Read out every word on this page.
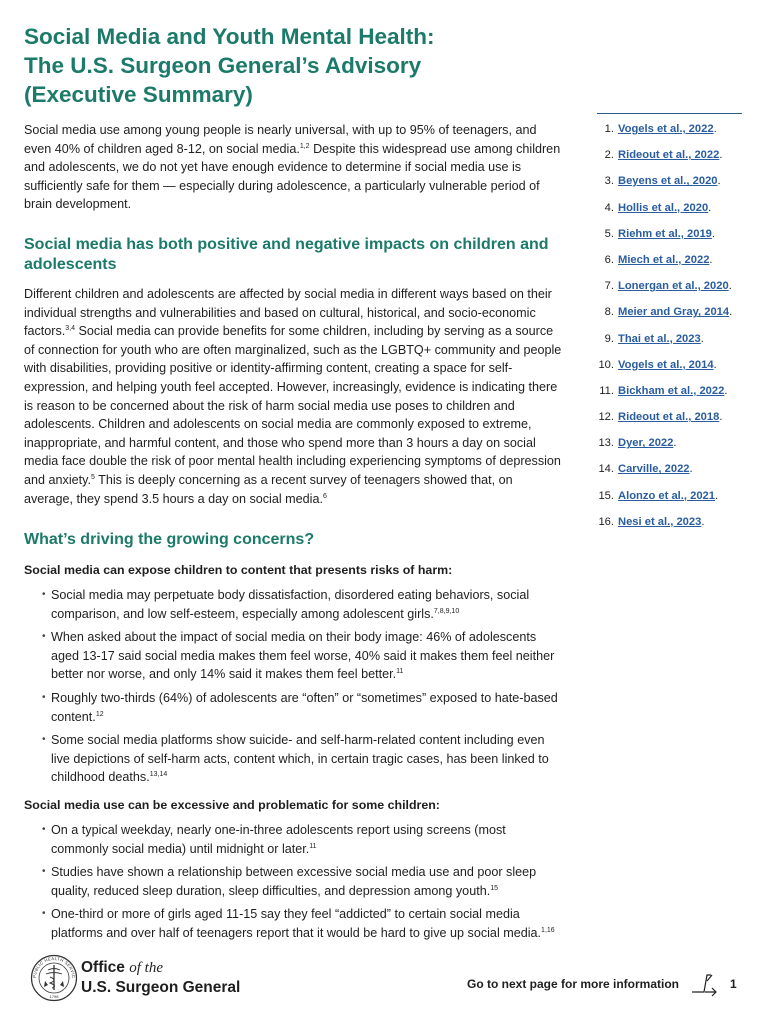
Social Media and Youth Mental Health:
The U.S. Surgeon General’s Advisory
(Executive Summary)

Social media use among young people is nearly universal, with up to 95% of teenagers, and even 40% of children aged 8-12, on social media.$^{1,2}$ Despite this widespread use among children and adolescents, we do not yet have enough evidence to determine if social media use is sufficiently safe for them — especially during adolescence, a particularly vulnerable period of brain development.

Social media has both positive and negative impacts on children and adolescents

Different children and adolescents are affected by social media in different ways based on their individual strengths and vulnerabilities and based on cultural, historical, and socio-economic factors.$^{3,4}$ Social media can provide benefits for some children, including by serving as a source of connection for youth who are often marginalized, such as the LGBTQ+ community and people with disabilities, providing positive or identity-affirming content, creating a space for self-expression, and helping youth feel accepted. However, increasingly, evidence is indicating there is reason to be concerned about the risk of harm social media use poses to children and adolescents. Children and adolescents on social media are commonly exposed to extreme, inappropriate, and harmful content, and those who spend more than 3 hours a day on social media face double the risk of poor mental health including experiencing symptoms of depression and anxiety.$^5$ This is deeply concerning as a recent survey of teenagers showed that, on average, they spend 3.5 hours a day on social media.$^6$

What’s driving the growing concerns?
Social media can expose children to content that presents risks of harm:
• Social media may perpetuate body dissatisfaction, disordered eating behaviors, social comparison, and low self-esteem, especially among adolescent girls.$^{7,8,9,10}$
• When asked about the impact of social media on their body image: 46% of adolescents aged 13-17 said social media makes them feel worse, 40% said it makes them feel neither better nor worse, and only 14% said it makes them feel better.$^{11}$
• Roughly two-thirds (64%) of adolescents are “often” or “sometimes” exposed to hate-based content.$^{12}$
• Some social media platforms show suicide- and self-harm-related content including even live depictions of self-harm acts, content which, in certain tragic cases, has been linked to childhood deaths.$^{13,14}$
Social media use can be excessive and problematic for some children:
• On a typical weekday, nearly one-in-three adolescents report using screens (most commonly social media) until midnight or later.$^{11}$
• Studies have shown a relationship between excessive social media use and poor sleep quality, reduced sleep duration, sleep difficulties, and depression among youth.$^{15}$
• One-third or more of girls aged 11-15 say they feel “addicted” to certain social media platforms and over half of teenagers report that it would be hard to give up social media.$^{1,16}$
1. Vogels et al., 2022 .
2. Rideout et al., 2022 .
3. Beyens et al., 2020 .
4. Hollis et al., 2020 .
5. Riehm et al., 2019 .
6. Miech et al., 2022 .
7. Lonergan et al., 2020 .
8. Meier and Gray, 2014 .
9. Thai et al., 2023 .
10. Vogels et al., 2014 .
11. Bickham et al., 2022 .
12. Rideout et al., 2018 .
13. Dyer, 2022 .
14. Carville, 2022 .
15. Alonzo et al., 2021 .
16. Nesi et al., 2023 .
PUBLIC HEALTH SERVIC
1798
Office of the
U.S. Surgeon General	Go to next page for more information	1
